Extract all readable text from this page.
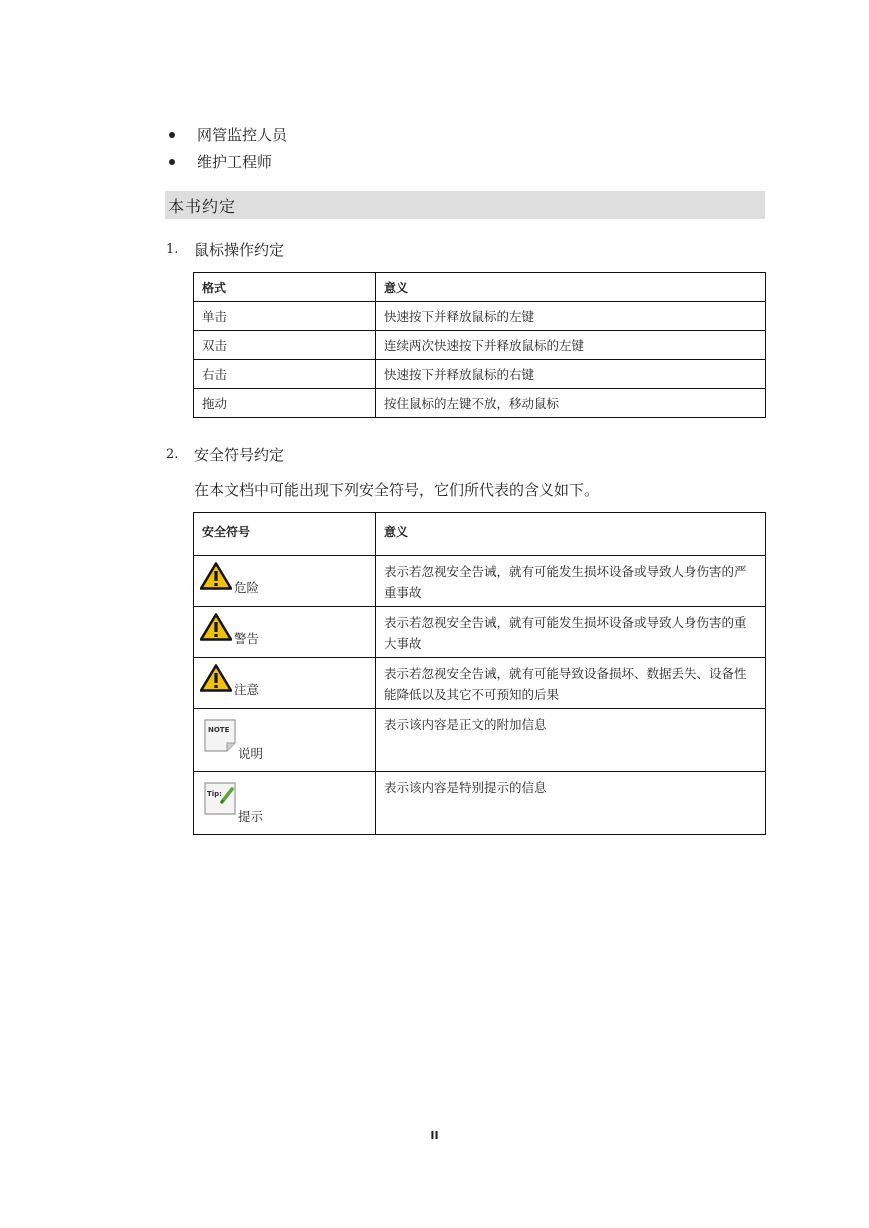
网管监控人员
维护工程师
本书约定
1.	鼠标操作约定
格式	意义
单击	快速按下并释放鼠标的左键
双击	连续两次快速按下并释放鼠标的左键
右击	快速按下并释放鼠标的右键
拖动	按住鼠标的左键不放，移动鼠标
2.	安全符号约定
在本文档中可能出现下列安全符号，它们所代表的含义如下。
安全符号	意义

危险	表示若忽视安全告诫，就有可能发生损坏设备或导致人身伤害的严重事故

警告	表示若忽视安全告诫，就有可能发生损坏设备或导致人身伤害的重大事故

注意	表示若忽视安全告诫，就有可能导致设备损坏、数据丢失、设备性能降低以及其它不可预知的后果

NOTE
说明	表示该内容是正文的附加信息

Tip:
提示	表示该内容是特别提示的信息
II
